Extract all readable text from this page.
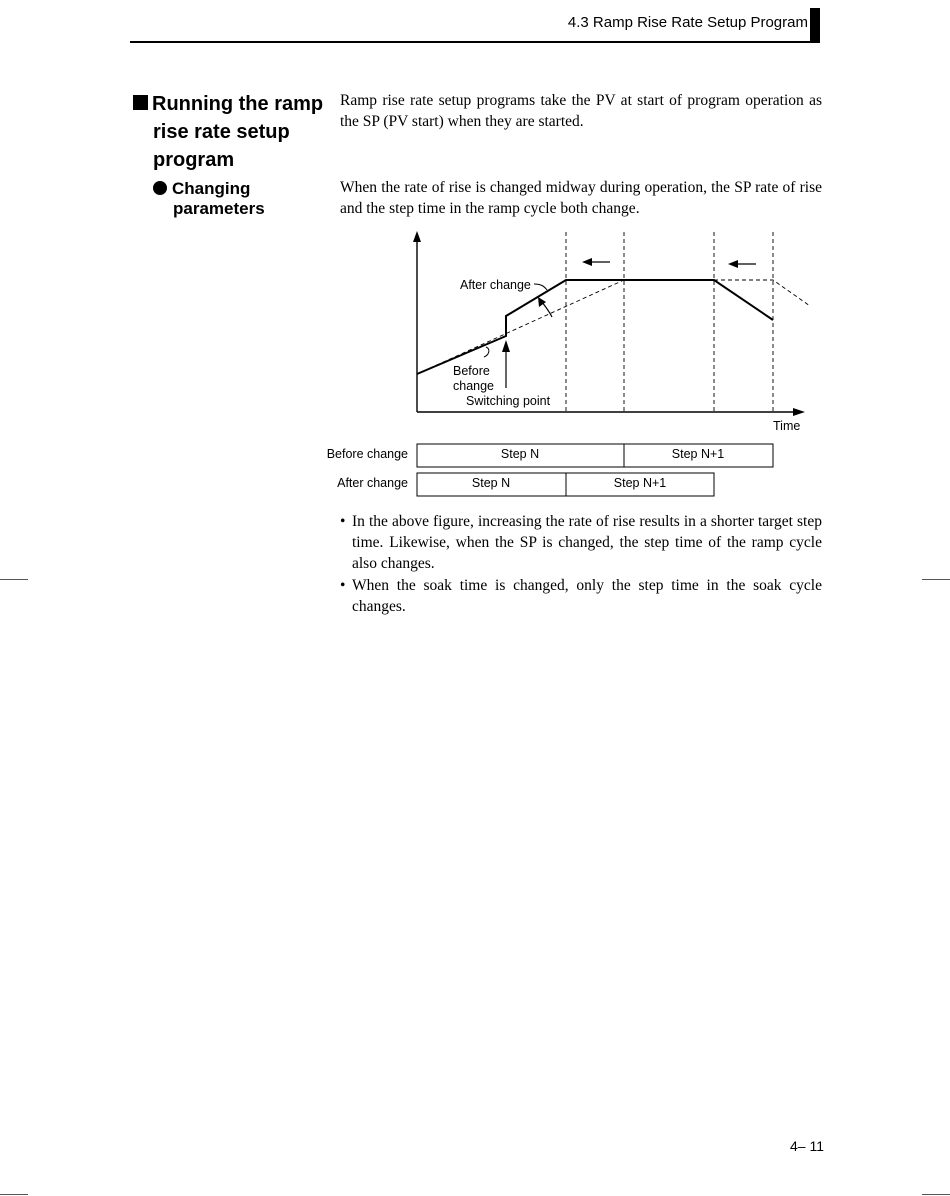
4.3 Ramp Rise Rate Setup Program
Running the ramp
rise rate setup
program
Changing
parameters
Ramp rise rate setup programs take the PV at start of program operation as the SP (PV start) when they are started.
When the rate of rise is changed midway during operation, the SP rate of rise and the step time in the ramp cycle both change.
After change
Before
change
Switching point
Time
Before change	Step N	Step N+1
After change	Step N	Step N+1
• In the above figure, increasing the rate of rise results in a shorter target step time. Likewise, when the SP is changed, the step time of the ramp cycle also changes.
• When the soak time is changed, only the step time in the soak cycle changes.
4– 11
